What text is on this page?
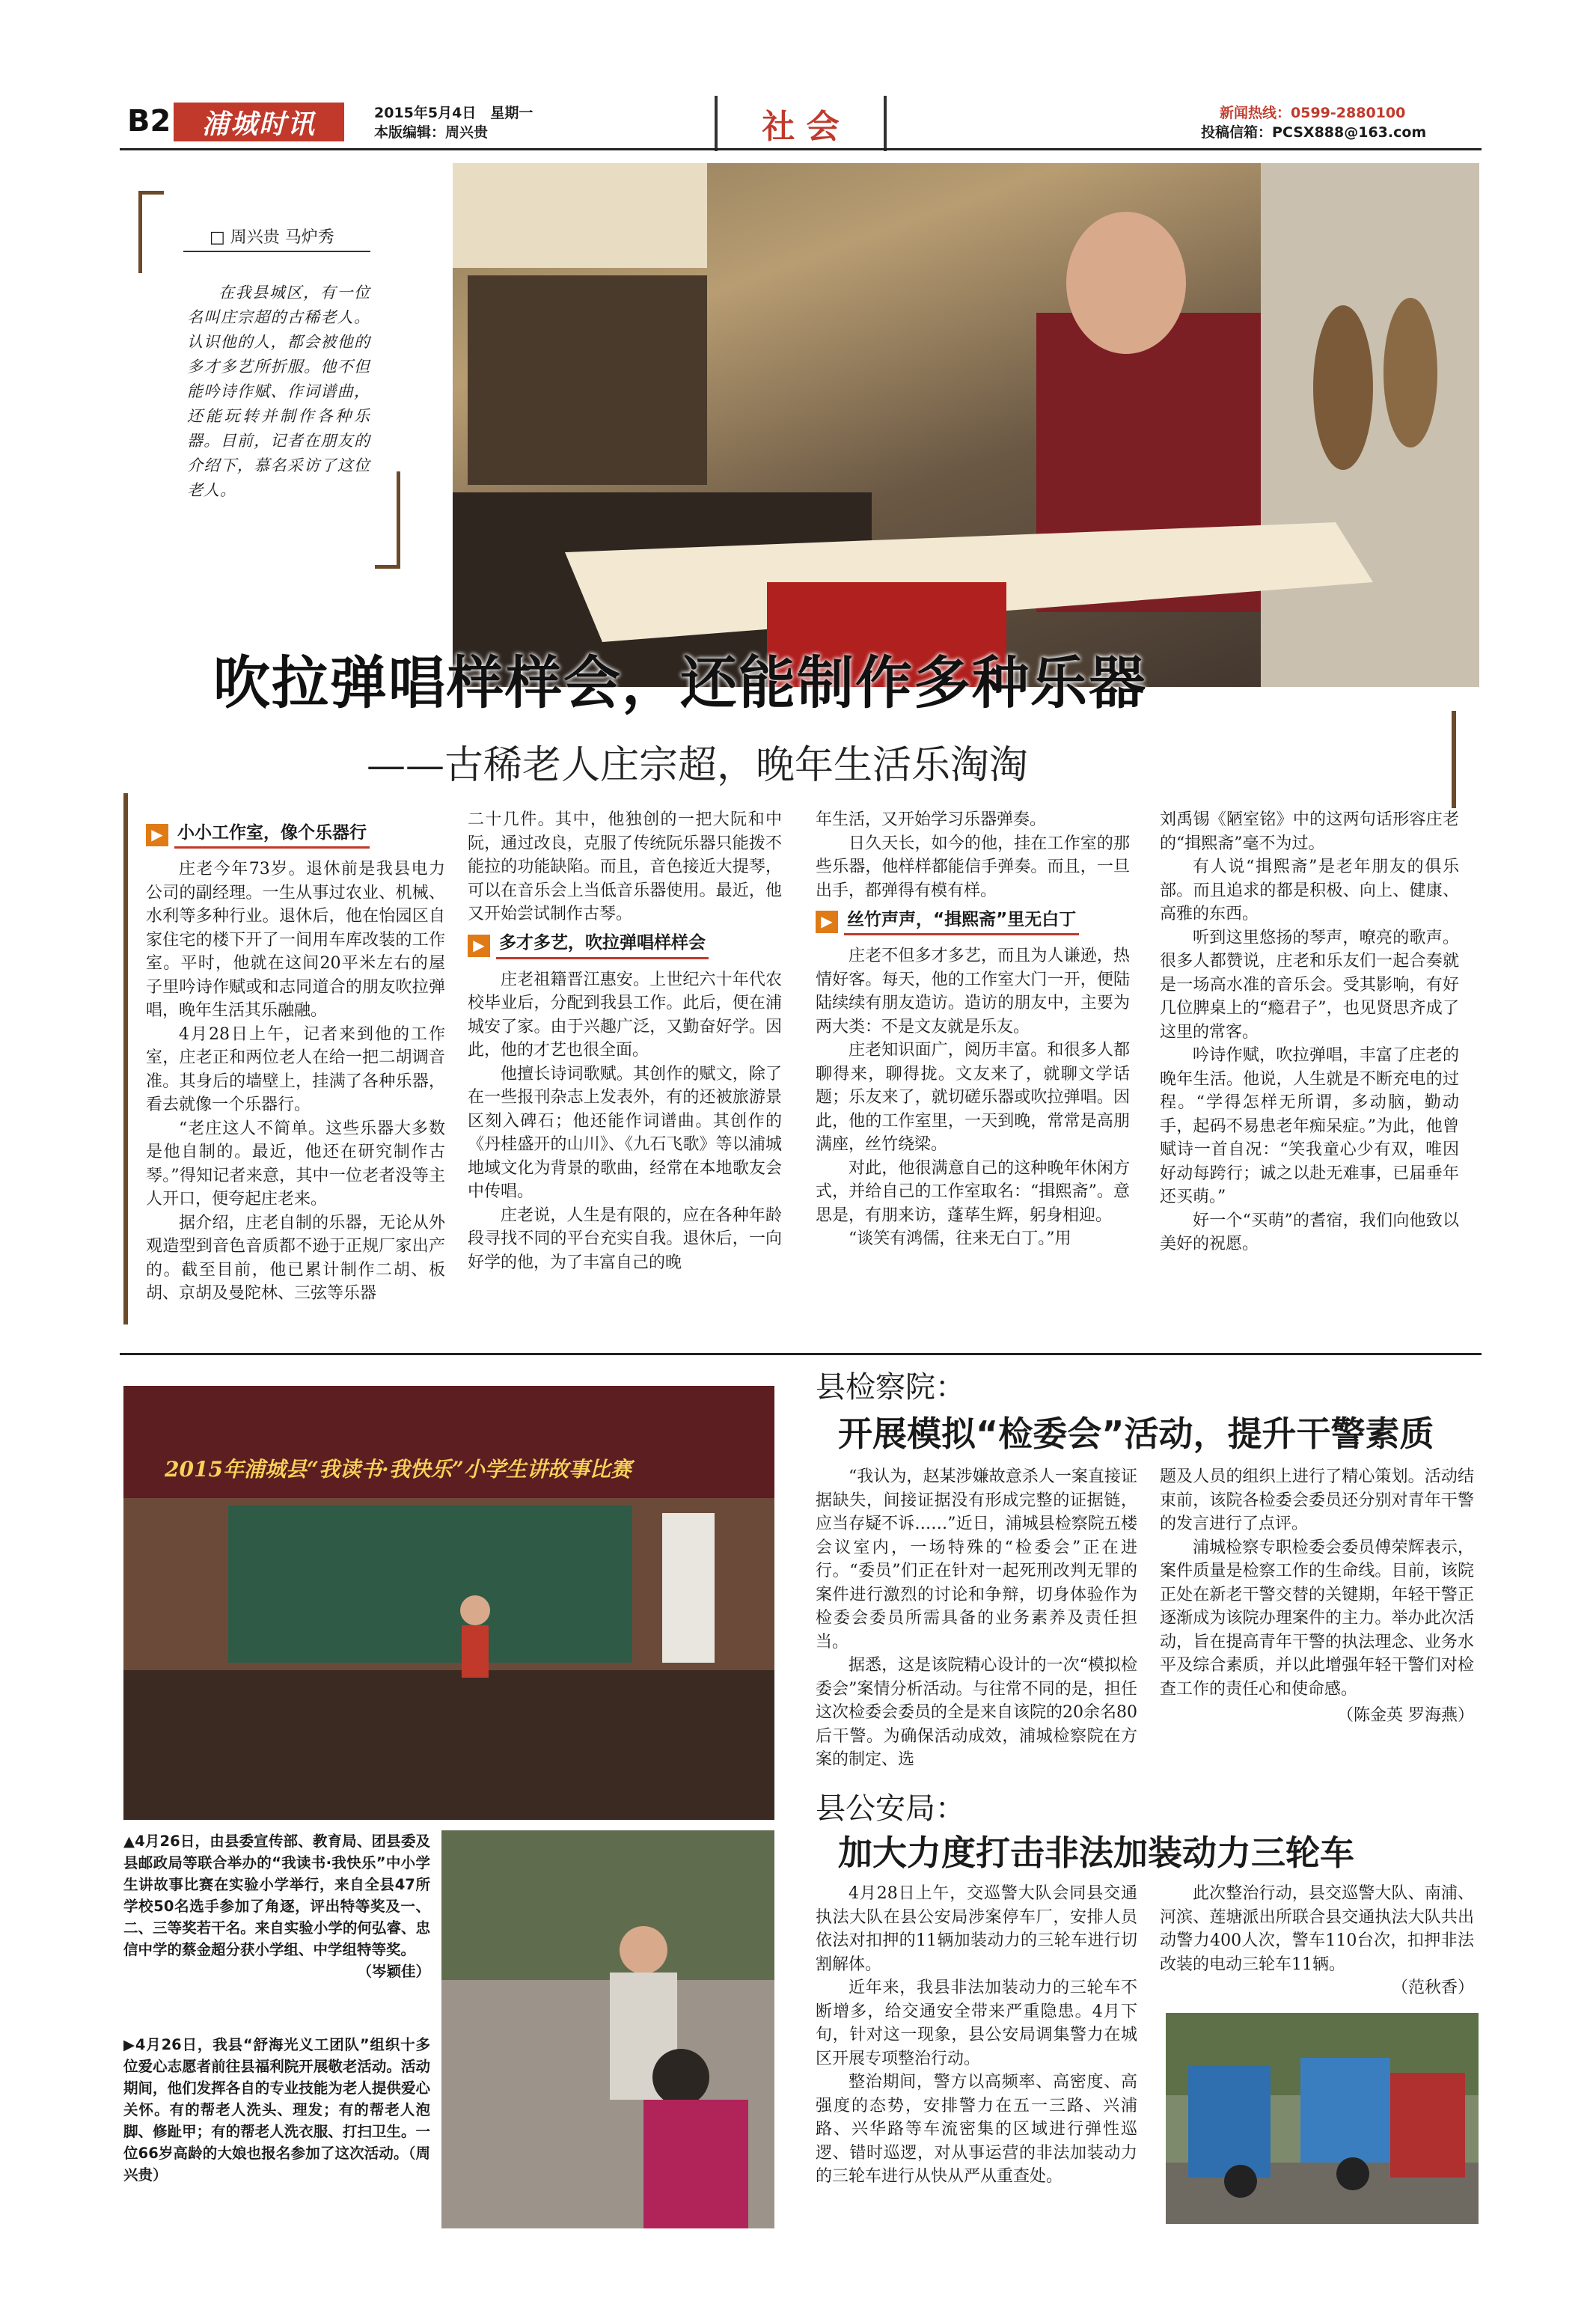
B2	浦城时讯	2015年5月4日　星期一
本版编辑：周兴贵	社 会	新闻热线：0599-2880100
投稿信箱：PCSX888@163.com
□ 周兴贵 马炉秀
在我县城区，有一位名叫庄宗超的古稀老人。认识他的人，都会被他的多才多艺所折服。他不但能吟诗作赋、作词谱曲，还能玩转并制作各种乐器。目前，记者在朋友的介绍下，慕名采访了这位老人。
吹拉弹唱样样会，还能制作多种乐器
——古稀老人庄宗超，晚年生活乐淘淘
▶ 小小工作室，像个乐器行

庄老今年73岁。退休前是我县电力公司的副经理。一生从事过农业、机械、水利等多种行业。退休后，他在怡园区自家住宅的楼下开了一间用车库改装的工作室。平时，他就在这间20平米左右的屋子里吟诗作赋或和志同道合的朋友吹拉弹唱，晚年生活其乐融融。

4月28日上午，记者来到他的工作室，庄老正和两位老人在给一把二胡调音准。其身后的墙壁上，挂满了各种乐器，看去就像一个乐器行。

“老庄这人不简单。这些乐器大多数是他自制的。最近，他还在研究制作古琴。”得知记者来意，其中一位老者没等主人开口，便夸起庄老来。

据介绍，庄老自制的乐器，无论从外观造型到音色音质都不逊于正规厂家出产的。截至目前，他已累计制作二胡、板胡、京胡及曼陀林、三弦等乐器

二十几件。其中，他独创的一把大阮和中阮，通过改良，克服了传统阮乐器只能拨不能拉的功能缺陷。而且，音色接近大提琴，可以在音乐会上当低音乐器使用。最近，他又开始尝试制作古琴。

▶ 多才多艺，吹拉弹唱样样会

庄老祖籍晋江惠安。上世纪六十年代农校毕业后，分配到我县工作。此后，便在浦城安了家。由于兴趣广泛，又勤奋好学。因此，他的才艺也很全面。

他擅长诗词歌赋。其创作的赋文，除了在一些报刊杂志上发表外，有的还被旅游景区刻入碑石；他还能作词谱曲。其创作的《丹桂盛开的山川》、《九石飞歌》等以浦城地域文化为背景的歌曲，经常在本地歌友会中传唱。

庄老说，人生是有限的，应在各种年龄段寻找不同的平台充实自我。退休后，一向好学的他，为了丰富自己的晚

年生活，又开始学习乐器弹奏。

日久天长，如今的他，挂在工作室的那些乐器，他样样都能信手弹奏。而且，一旦出手，都弹得有模有样。

▶ 丝竹声声，“揖熙斋”里无白丁

庄老不但多才多艺，而且为人谦逊，热情好客。每天，他的工作室大门一开，便陆陆续续有朋友造访。造访的朋友中，主要为两大类：不是文友就是乐友。

庄老知识面广，阅历丰富。和很多人都聊得来，聊得拢。文友来了，就聊文学话题；乐友来了，就切磋乐器或吹拉弹唱。因此，他的工作室里，一天到晚，常常是高朋满座，丝竹绕梁。

对此，他很满意自己的这种晚年休闲方式，并给自己的工作室取名：“揖熙斋”。意思是，有朋来访，蓬荜生辉，躬身相迎。

“谈笑有鸿儒，往来无白丁。”用

刘禹锡《陋室铭》中的这两句话形容庄老的“揖熙斋”毫不为过。

有人说“揖熙斋”是老年朋友的俱乐部。而且追求的都是积极、向上、健康、高雅的东西。

听到这里悠扬的琴声，嘹亮的歌声。很多人都赞说，庄老和乐友们一起合奏就是一场高水准的音乐会。受其影响，有好几位脾桌上的“瘾君子”，也见贤思齐成了这里的常客。

吟诗作赋，吹拉弹唱，丰富了庄老的晚年生活。他说，人生就是不断充电的过程。“学得怎样无所谓，多动脑，勤动手，起码不易患老年痴呆症。”为此，他曾赋诗一首自况：“笑我童心少有双，唯因好动每跨行；诚之以赴无难事，已届垂年还买萌。”

好一个“买萌”的耆宿，我们向他致以美好的祝愿。

2015年浦城县“我读书·我快乐”小学生讲故事比赛
▲4月26日，由县委宣传部、教育局、团县委及县邮政局等联合举办的“我读书·我快乐”中小学生讲故事比赛在实验小学举行，来自全县47所学校50名选手参加了角逐，评出特等奖及一、二、三等奖若干名。来自实验小学的何弘睿、忠信中学的蔡金超分获小学组、中学组特等奖。
（岑颖佳）
▶4月26日，我县“舒海光义工团队”组织十多位爱心志愿者前往县福利院开展敬老活动。活动期间，他们发挥各自的专业技能为老人提供爱心关怀。有的帮老人洗头、理发；有的帮老人泡脚、修趾甲；有的帮老人洗衣服、打扫卫生。一位66岁高龄的大娘也报名参加了这次活动。（周兴贵）
县检察院：
开展模拟“检委会”活动，提升干警素质

“我认为，赵某涉嫌故意杀人一案直接证据缺失，间接证据没有形成完整的证据链，应当存疑不诉……”近日，浦城县检察院五楼会议室内，一场特殊的“检委会”正在进行。“委员”们正在针对一起死刑改判无罪的案件进行激烈的讨论和争辩，切身体验作为检委会委员所需具备的业务素养及责任担当。

据悉，这是该院精心设计的一次“模拟检委会”案情分析活动。与往常不同的是，担任这次检委会委员的全是来自该院的20余名80后干警。为确保活动成效，浦城检察院在方案的制定、选

题及人员的组织上进行了精心策划。活动结束前，该院各检委会委员还分别对青年干警的发言进行了点评。

浦城检察专职检委会委员傅荣辉表示，案件质量是检察工作的生命线。目前，该院正处在新老干警交替的关键期，年轻干警正逐渐成为该院办理案件的主力。举办此次活动，旨在提高青年干警的执法理念、业务水平及综合素质，并以此增强年轻干警们对检查工作的责任心和使命感。

（陈金英 罗海燕）
县公安局：
加大力度打击非法加装动力三轮车

4月28日上午，交巡警大队会同县交通执法大队在县公安局涉案停车厂，安排人员依法对扣押的11辆加装动力的三轮车进行切割解体。

近年来，我县非法加装动力的三轮车不断增多，给交通安全带来严重隐患。4月下旬，针对这一现象，县公安局调集警力在城区开展专项整治行动。

整治期间，警方以高频率、高密度、高强度的态势，安排警力在五一三路、兴浦路、兴华路等车流密集的区域进行弹性巡逻、错时巡逻，对从事运营的非法加装动力的三轮车进行从快从严从重查处。

此次整治行动，县交巡警大队、南浦、河滨、莲塘派出所联合县交通执法大队共出动警力400人次，警车110台次，扣押非法改装的电动三轮车11辆。

（范秋香）
